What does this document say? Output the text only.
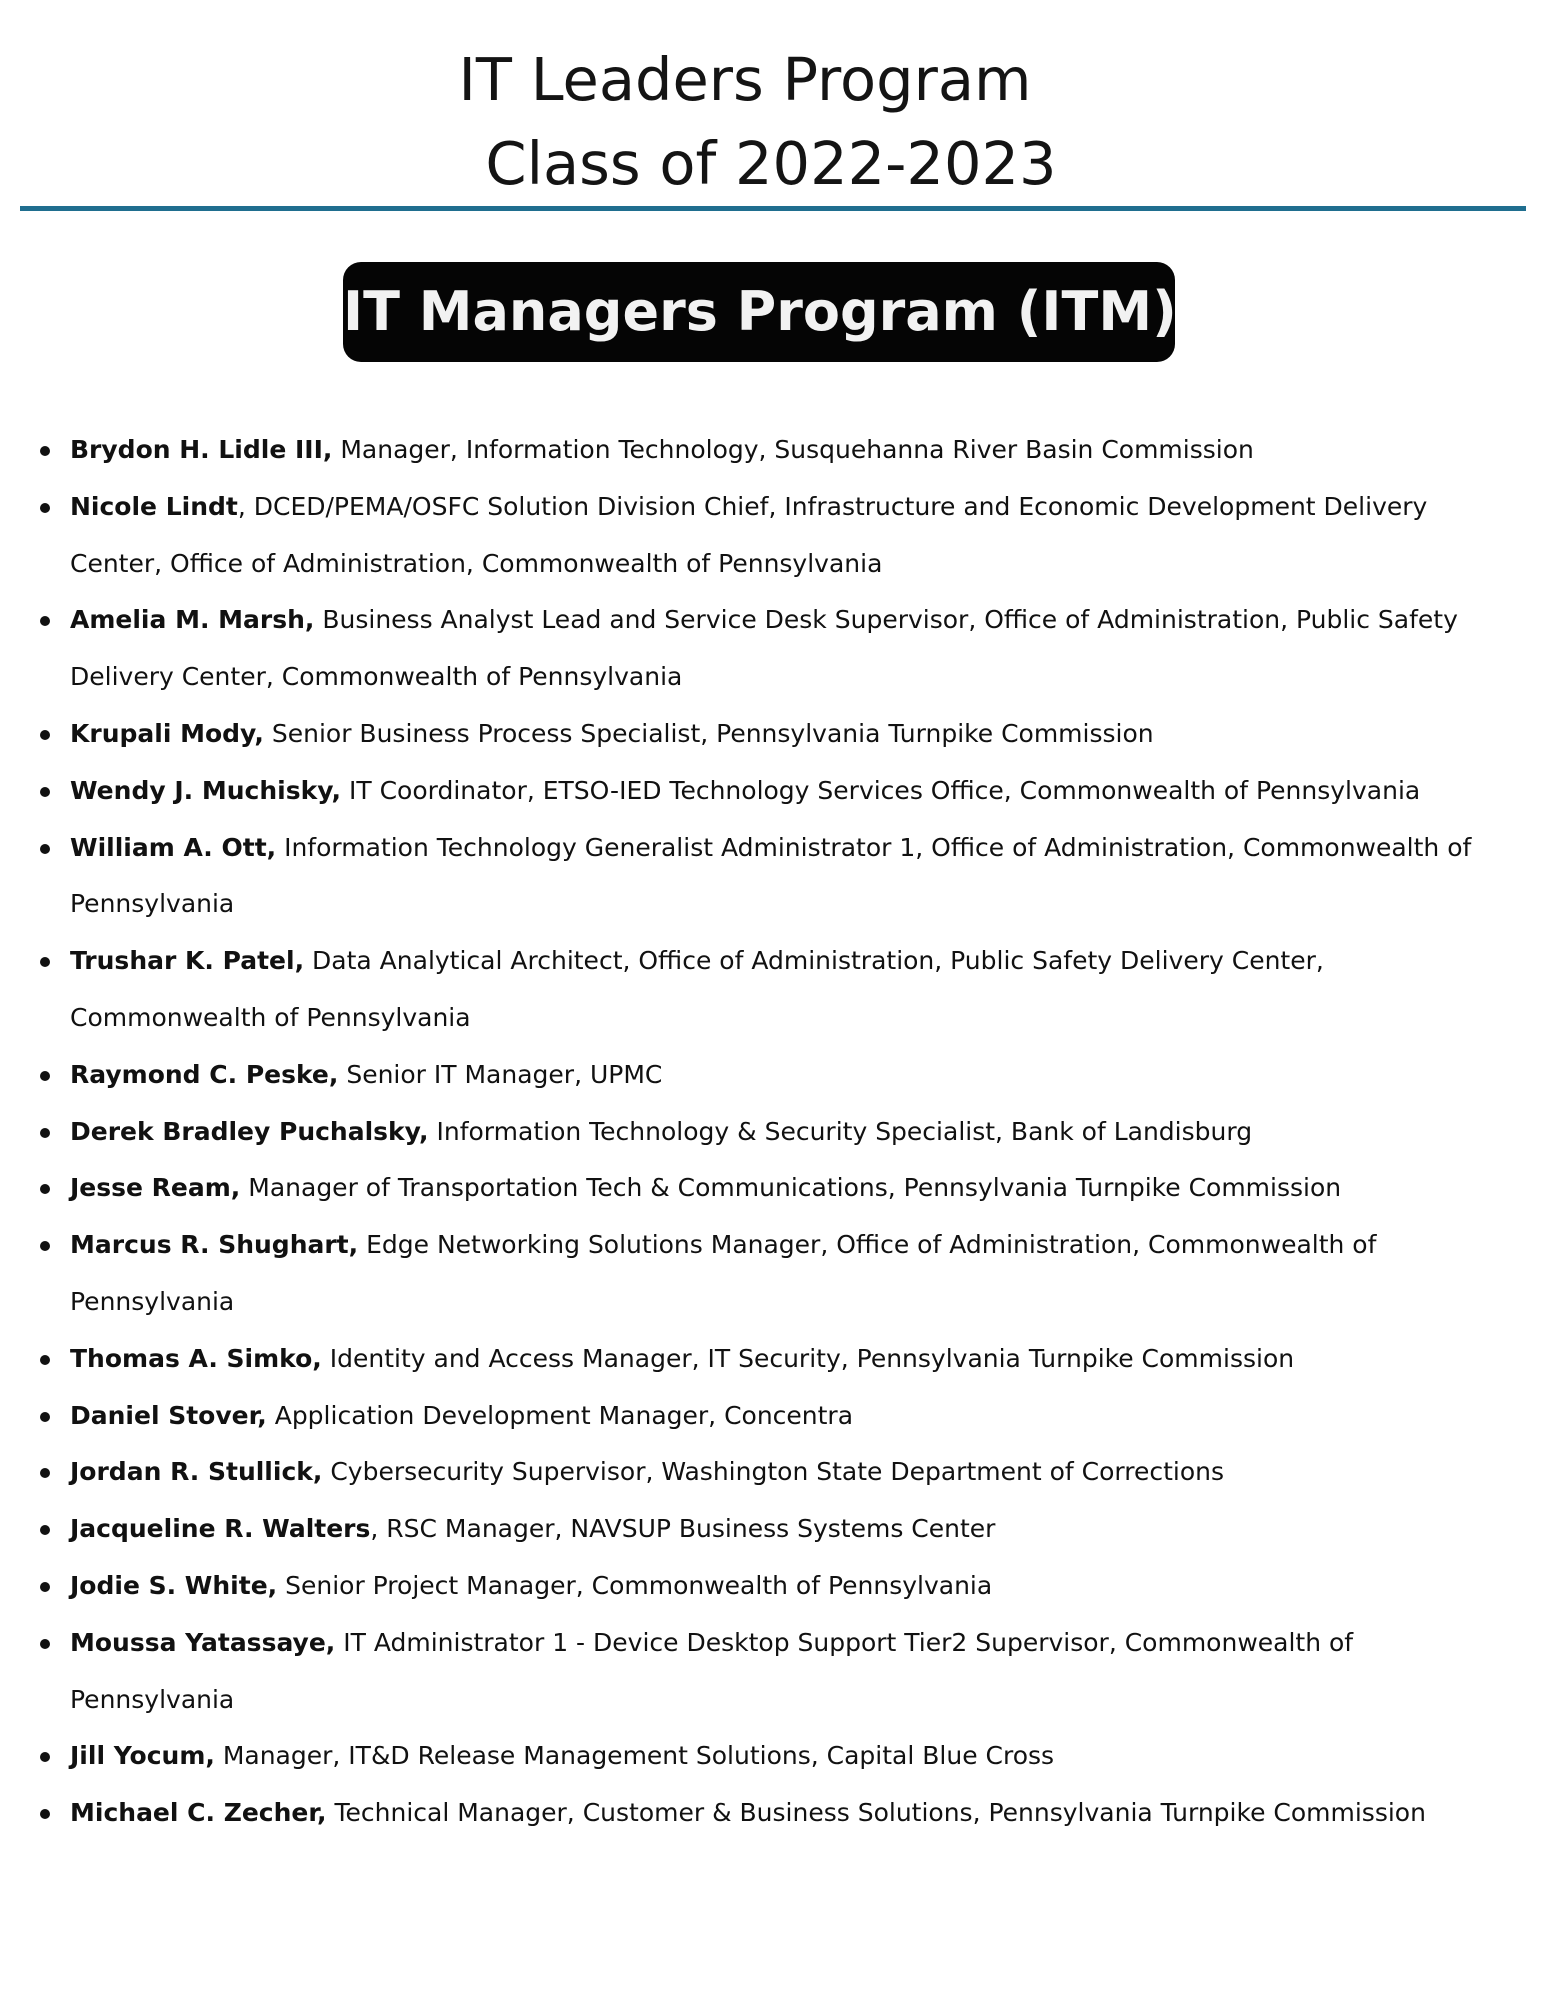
IT Leaders Program
Class of 2022-2023
IT Managers Program (ITM)
Brydon H. Lidle III, Manager, Information Technology, Susquehanna River Basin Commission
Nicole Lindt, DCED/PEMA/OSFC Solution Division Chief, Infrastructure and Economic Development Delivery Center, Office of Administration, Commonwealth of Pennsylvania
Amelia M. Marsh, Business Analyst Lead and Service Desk Supervisor, Office of Administration, Public Safety Delivery Center, Commonwealth of Pennsylvania
Krupali Mody, Senior Business Process Specialist, Pennsylvania Turnpike Commission
Wendy J. Muchisky, IT Coordinator, ETSO-IED Technology Services Office, Commonwealth of Pennsylvania
William A. Ott, Information Technology Generalist Administrator 1, Office of Administration, Commonwealth of Pennsylvania
Trushar K. Patel, Data Analytical Architect, Office of Administration, Public Safety Delivery Center, Commonwealth of Pennsylvania
Raymond C. Peske, Senior IT Manager, UPMC
Derek Bradley Puchalsky, Information Technology & Security Specialist, Bank of Landisburg
Jesse Ream, Manager of Transportation Tech & Communications, Pennsylvania Turnpike Commission
Marcus R. Shughart, Edge Networking Solutions Manager, Office of Administration, Commonwealth of Pennsylvania
Thomas A. Simko, Identity and Access Manager, IT Security, Pennsylvania Turnpike Commission
Daniel Stover, Application Development Manager, Concentra
Jordan R. Stullick, Cybersecurity Supervisor, Washington State Department of Corrections
Jacqueline R. Walters, RSC Manager, NAVSUP Business Systems Center
Jodie S. White, Senior Project Manager, Commonwealth of Pennsylvania
Moussa Yatassaye, IT Administrator 1 - Device Desktop Support Tier2 Supervisor, Commonwealth of Pennsylvania
Jill Yocum, Manager, IT&D Release Management Solutions, Capital Blue Cross
Michael C. Zecher, Technical Manager, Customer & Business Solutions, Pennsylvania Turnpike Commission
